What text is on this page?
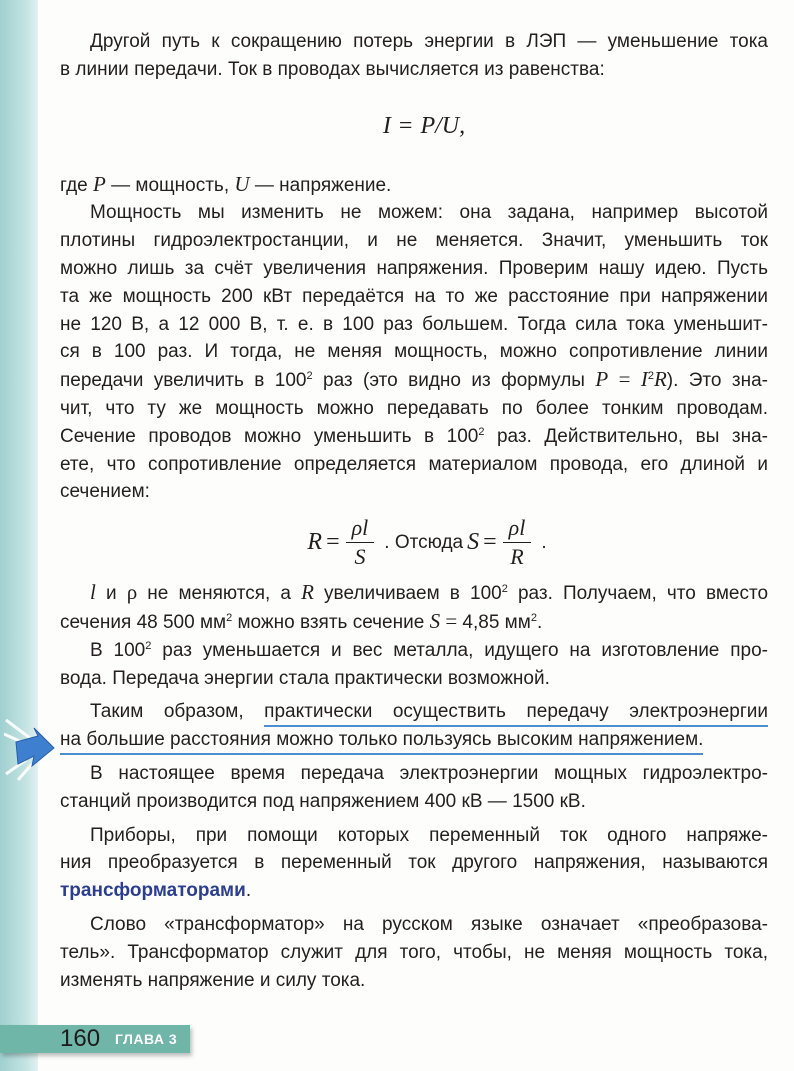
Другой путь к сокращению потерь энергии в ЛЭП — уменьшение тока
в линии передачи. Ток в проводах вычисляется из равенства:
I = P/U,
где P — мощность, U — напряжение.
Мощность мы изменить не можем: она задана, например высотой
плотины гидроэлектростанции, и не меняется. Значит, уменьшить ток
можно лишь за счёт увеличения напряжения. Проверим нашу идею. Пусть
та же мощность 200 кВт передаётся на то же расстояние при напряжении
не 120 В, а 12 000 В, т. е. в 100 раз большем. Тогда сила тока уменьшит-
ся в 100 раз. И тогда, не меняя мощность, можно сопротивление линии
передачи увеличить в $100^2$ раз (это видно из формулы $P = I^2R$). Это зна-
чит, что ту же мощность можно передавать по более тонким проводам.
Сечение проводов можно уменьшить в $100^2$ раз. Действительно, вы зна-
ете, что сопротивление определяется материалом провода, его длиной и
сечением:
$R = \frac{\rho l}{S}$ . Отсюда $S = \frac{\rho l}{R}$ .
l и ρ не меняются, а R увеличиваем в $100^2$ раз. Получаем, что вместо
сечения 48 500 $мм^2$ можно взять сечение S = 4,85 $мм^2$.
В $100^2$ раз уменьшается и вес металла, идущего на изготовление про-
вода. Передача энергии стала практически возможной.
Таким образом, практически осуществить передачу электроэнергии
на большие расстояния можно только пользуясь высоким напряжением.
В настоящее время передача электроэнергии мощных гидроэлектро-
станций производится под напряжением 400 кВ — 1500 кВ.
Приборы, при помощи которых переменный ток одного напряже-
ния преобразуется в переменный ток другого напряжения, называются
трансформаторами.
Слово «трансформатор» на русском языке означает «преобразова-
тель». Трансформатор служит для того, чтобы, не меняя мощность тока,
изменять напряжение и силу тока.
160 ГЛАВА 3
